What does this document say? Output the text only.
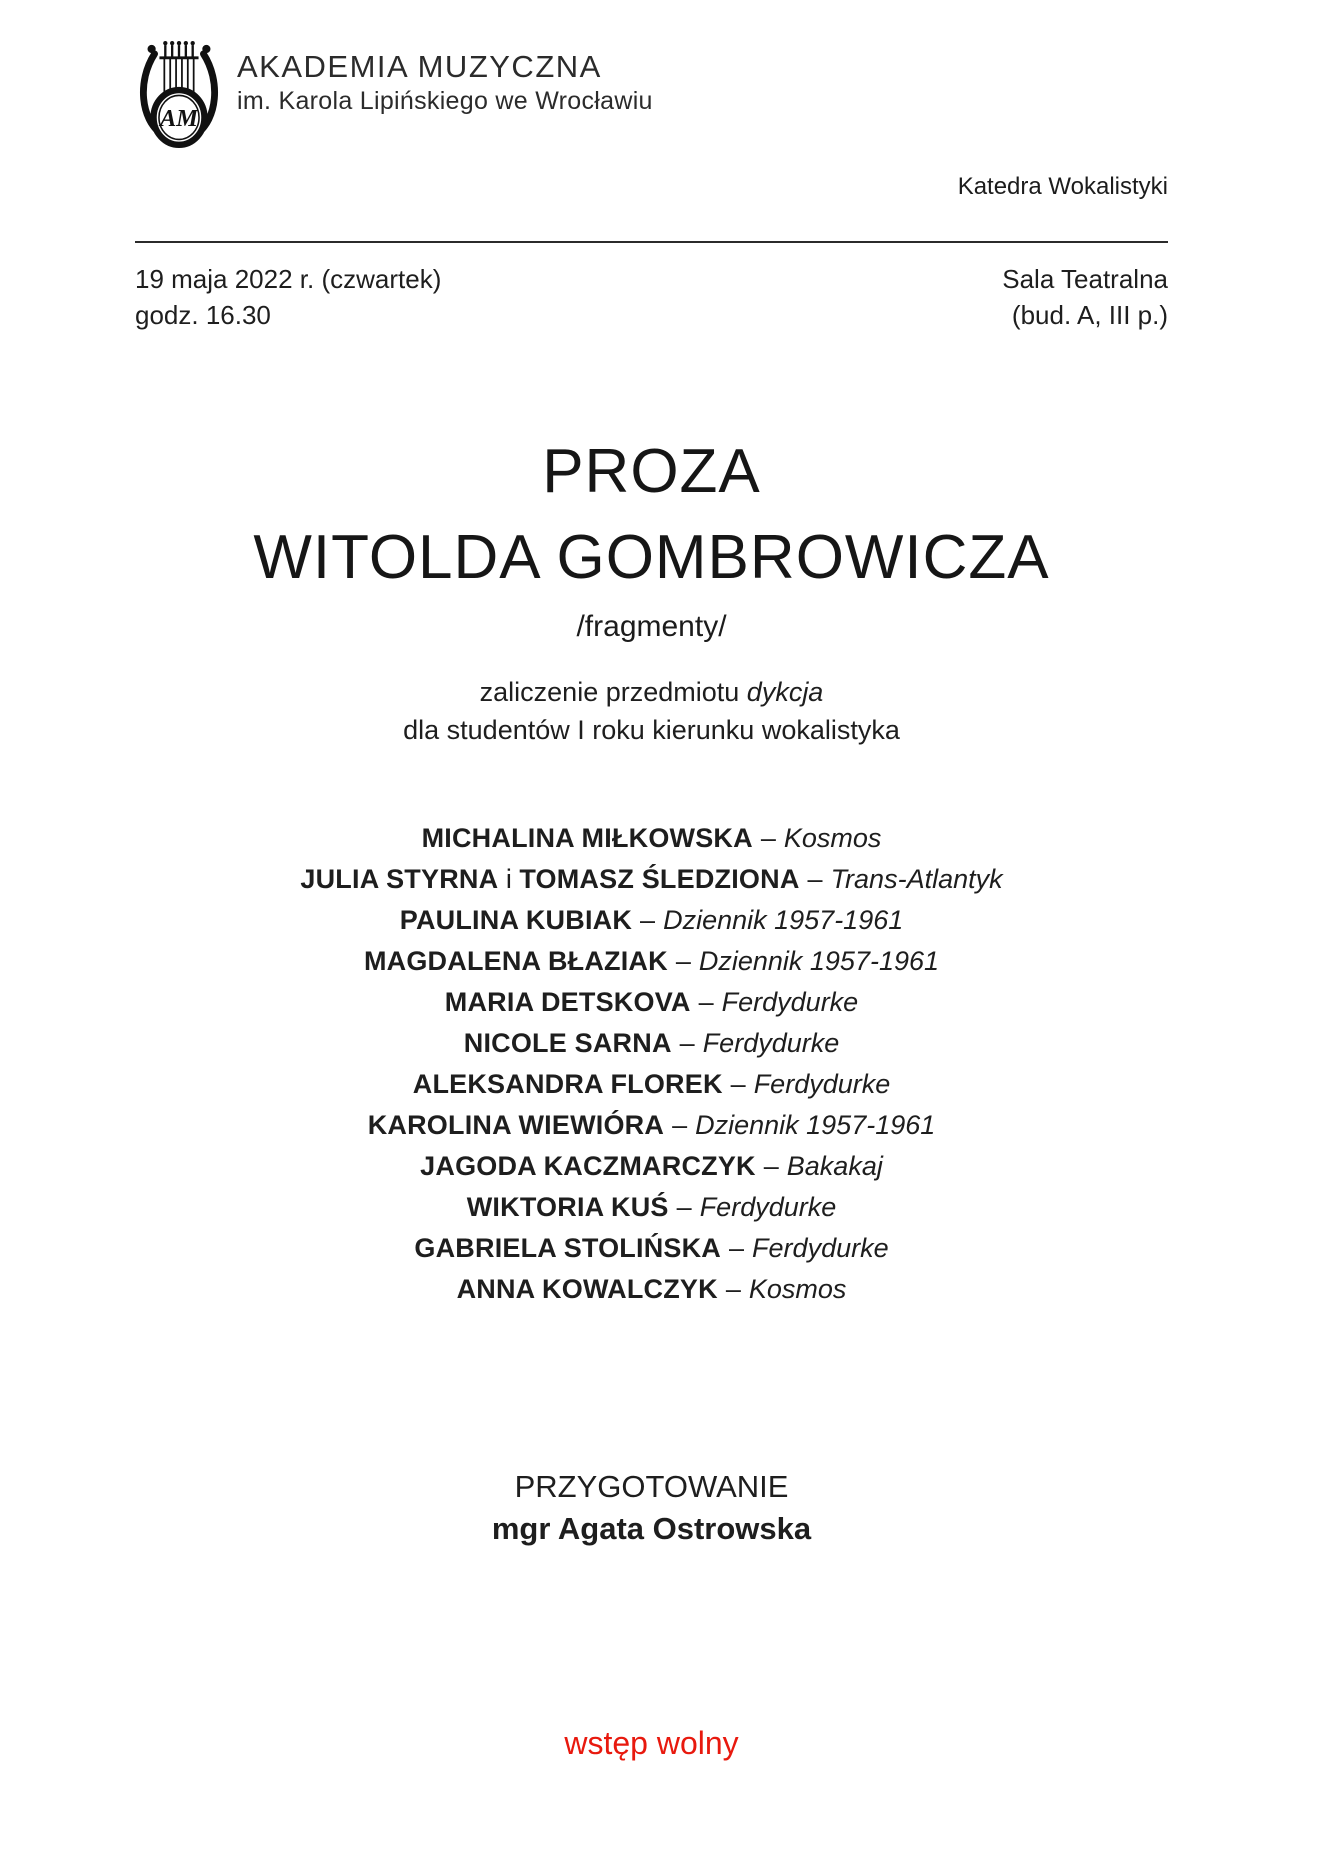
AM
AKADEMIA MUZYCZNA
im. Karola Lipińskiego we Wrocławiu
Katedra Wokalistyki
19 maja 2022 r. (czwartek)	Sala Teatralna
godz. 16.30	(bud. A, III p.)
PROZA
WITOLDA GOMBROWICZA
/fragmenty/
zaliczenie przedmiotu dykcja
dla studentów I roku kierunku wokalistyka
MICHALINA MIŁKOWSKA – Kosmos
JULIA STYRNA i TOMASZ ŚLEDZIONA – Trans-Atlantyk
PAULINA KUBIAK – Dziennik 1957-1961
MAGDALENA BŁAZIAK – Dziennik 1957-1961
MARIA DETSKOVA – Ferdydurke
NICOLE SARNA – Ferdydurke
ALEKSANDRA FLOREK – Ferdydurke
KAROLINA WIEWIÓRA – Dziennik 1957-1961
JAGODA KACZMARCZYK – Bakakaj
WIKTORIA KUŚ – Ferdydurke
GABRIELA STOLIŃSKA – Ferdydurke
ANNA KOWALCZYK – Kosmos
PRZYGOTOWANIE
mgr Agata Ostrowska
wstęp wolny
